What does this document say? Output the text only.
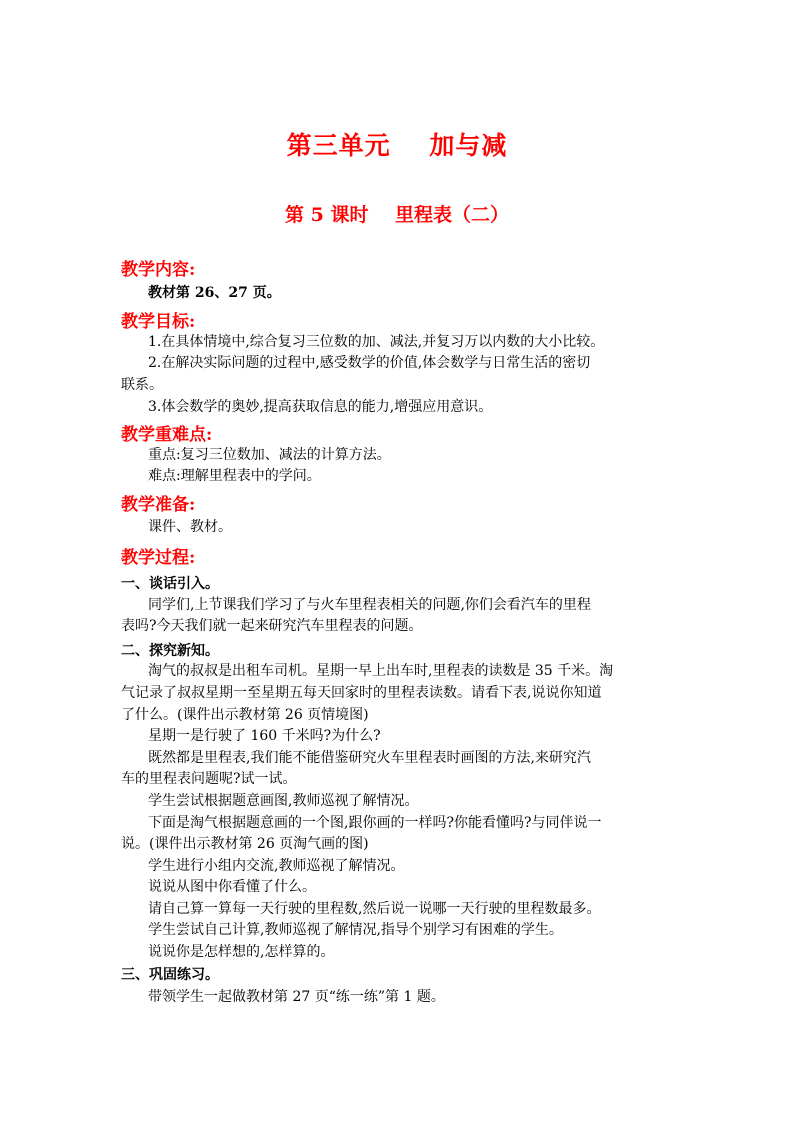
第三单元    加与减
第 5 课时    里程表（二）
教学内容:
教材第 26、27 页。
教学目标:
1.在具体情境中,综合复习三位数的加、减法,并复习万以内数的大小比较。
2.在解决实际问题的过程中,感受数学的价值,体会数学与日常生活的密切
联系。
3.体会数学的奥妙,提高获取信息的能力,增强应用意识。
教学重难点:
重点:复习三位数加、减法的计算方法。
难点:理解里程表中的学问。
教学准备:
课件、教材。
教学过程:
一、谈话引入。
同学们,上节课我们学习了与火车里程表相关的问题,你们会看汽车的里程
表吗?今天我们就一起来研究汽车里程表的问题。
二、探究新知。
淘气的叔叔是出租车司机。星期一早上出车时,里程表的读数是 35 千米。淘
气记录了叔叔星期一至星期五每天回家时的里程表读数。请看下表,说说你知道
了什么。(课件出示教材第 26 页情境图)
星期一是行驶了 160 千米吗?为什么?
既然都是里程表,我们能不能借鉴研究火车里程表时画图的方法,来研究汽
车的里程表问题呢?试一试。
学生尝试根据题意画图,教师巡视了解情况。
下面是淘气根据题意画的一个图,跟你画的一样吗?你能看懂吗?与同伴说一
说。(课件出示教材第 26 页淘气画的图)
学生进行小组内交流,教师巡视了解情况。
说说从图中你看懂了什么。
请自己算一算每一天行驶的里程数,然后说一说哪一天行驶的里程数最多。
学生尝试自己计算,教师巡视了解情况,指导个别学习有困难的学生。
说说你是怎样想的,怎样算的。
三、巩固练习。
带领学生一起做教材第 27 页“练一练”第 1 题。
